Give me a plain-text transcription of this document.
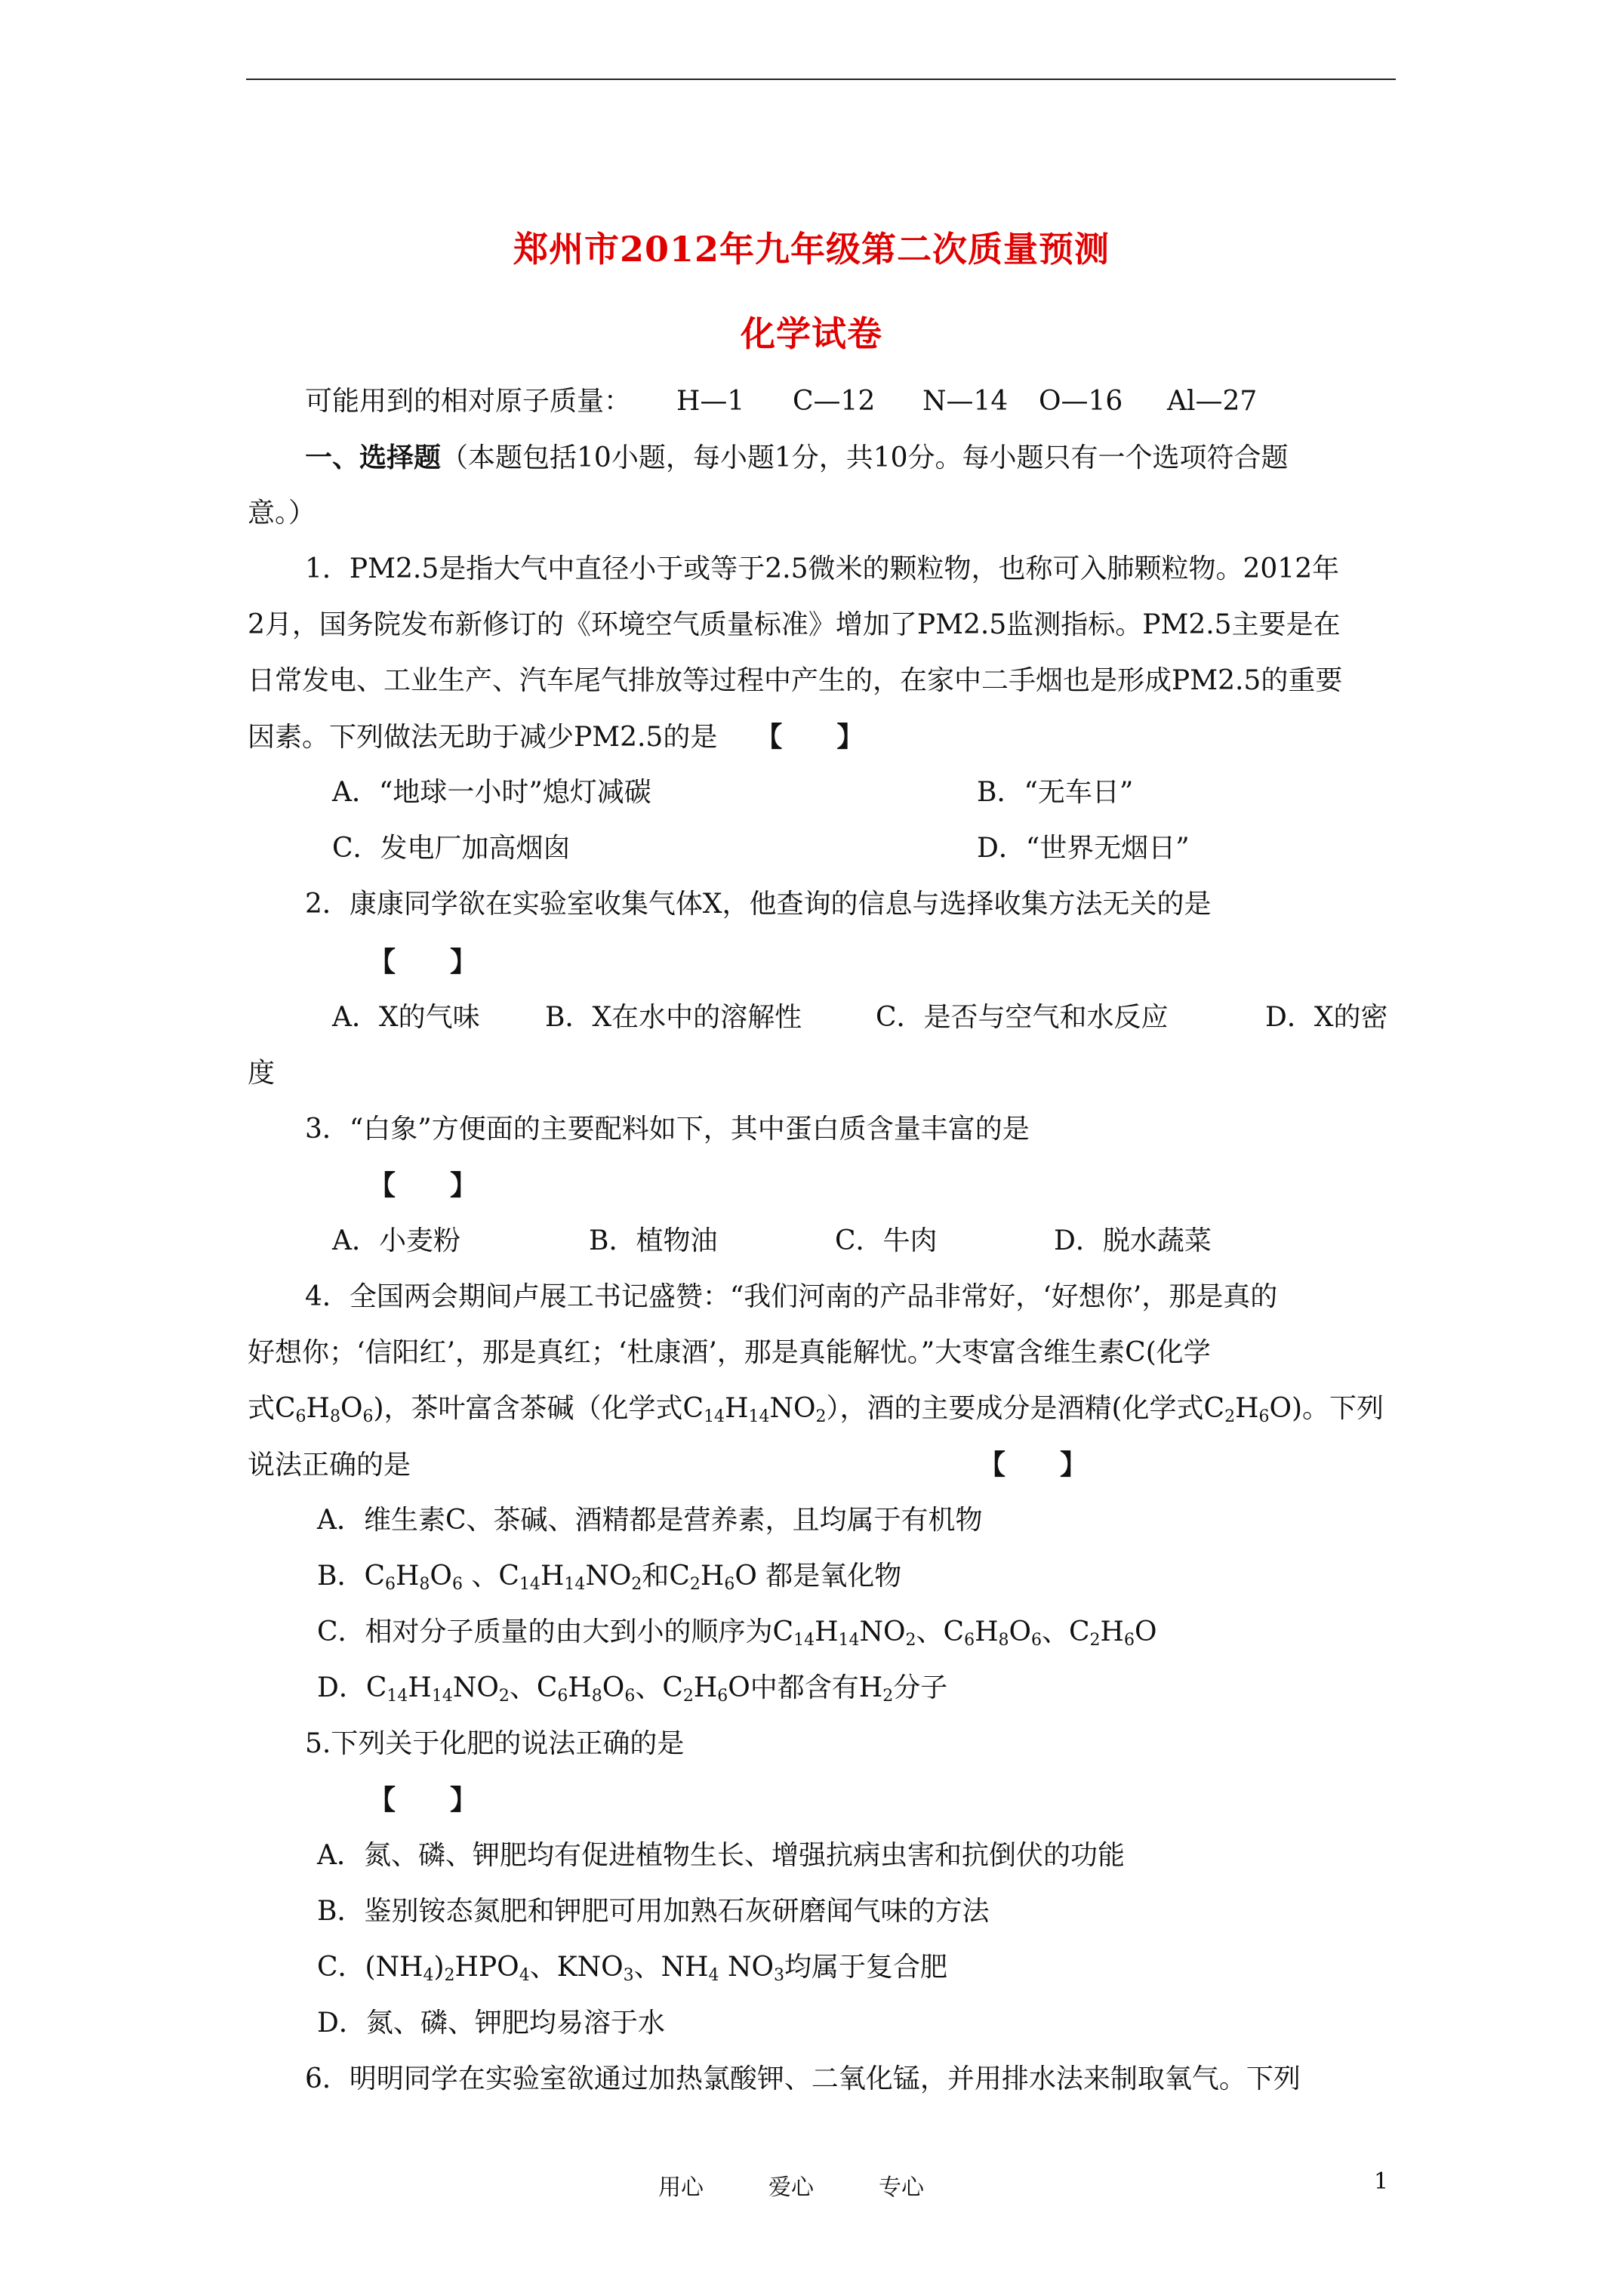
郑州市2012年九年级第二次质量预测
化学试卷
可能用到的相对原子质量： H—1 C—12 N—14 O—16 Al—27
一、选择题（本题包括10小题，每小题1分，共10分。每小题只有一个选项符合题
意。）
1．PM2.5是指大气中直径小于或等于2.5微米的颗粒物，也称可入肺颗粒物。2012年
2月，国务院发布新修订的《环境空气质量标准》增加了PM2.5监测指标。PM2.5主要是在
日常发电、工业生产、汽车尾气排放等过程中产生的，在家中二手烟也是形成PM2.5的重要
因素。下列做法无助于减少PM2.5的是 【　　】
A．“地球一小时”熄灯减碳	B．“无车日”
C．发电厂加高烟囱	D．“世界无烟日”
2．康康同学欲在实验室收集气体X，他查询的信息与选择收集方法无关的是
【　　】
A．X的气味 B．X在水中的溶解性	C．是否与空气和水反应	D．X的密
度
3．“白象”方便面的主要配料如下，其中蛋白质含量丰富的是
【　　】
A．小麦粉	B．植物油	C．牛肉	D．脱水蔬菜
4．全国两会期间卢展工书记盛赞：“我们河南的产品非常好，‘好想你’，那是真的
好想你；‘信阳红’，那是真红；‘杜康酒’，那是真能解忧。”大枣富含维生素C(化学
式$C_6H_8O_6$)，茶叶富含茶碱（化学式$C_{14}H_{14}NO_2$），酒的主要成分是酒精(化学式$C_2H_6O$)。下列
说法正确的是	【　　】
A．维生素C、茶碱、酒精都是营养素，且均属于有机物
B．$C_6H_8O_6$ 、$C_{14}H_{14}NO_2$和$C_2H_6O$ 都是氧化物
C．相对分子质量的由大到小的顺序为$C_{14}H_{14}NO_2$、$C_6H_8O_6$、$C_2H_6O$
D．$C_{14}H_{14}NO_2$、$C_6H_8O_6$、$C_2H_6O$中都含有$H_2$分子
5.下列关于化肥的说法正确的是
【　　】
A．氮、磷、钾肥均有促进植物生长、增强抗病虫害和抗倒伏的功能
B．鉴别铵态氮肥和钾肥可用加熟石灰研磨闻气味的方法
C．$(NH_4)_2HPO_4$、$KNO_3$、$NH_4$ $NO_3$均属于复合肥
D．氮、磷、钾肥均易溶于水
6．明明同学在实验室欲通过加热氯酸钾、二氧化锰，并用排水法来制取氧气。下列
用心	爱心	专心	1
